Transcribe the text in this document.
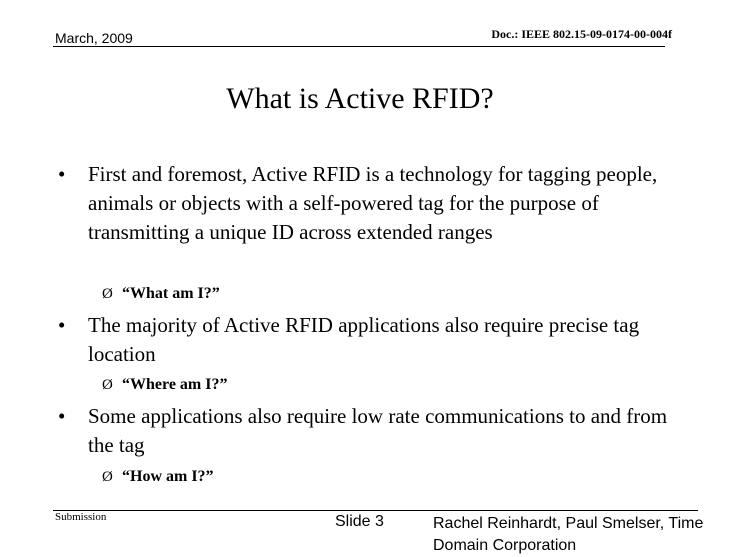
March, 2009	Doc.: IEEE 802.15-09-0174-00-004f
What is Active RFID?
• First and foremost, Active RFID is a technology for tagging people, animals or objects with a self-powered tag for the purpose of transmitting a unique ID across extended ranges
Ø “What am I?”
• The majority of Active RFID applications also require precise tag location
Ø “Where am I?”
• Some applications also require low rate communications to and from the tag
Ø “How am I?”
Submission	Slide 3	Rachel Reinhardt, Paul Smelser, Time Domain Corporation
